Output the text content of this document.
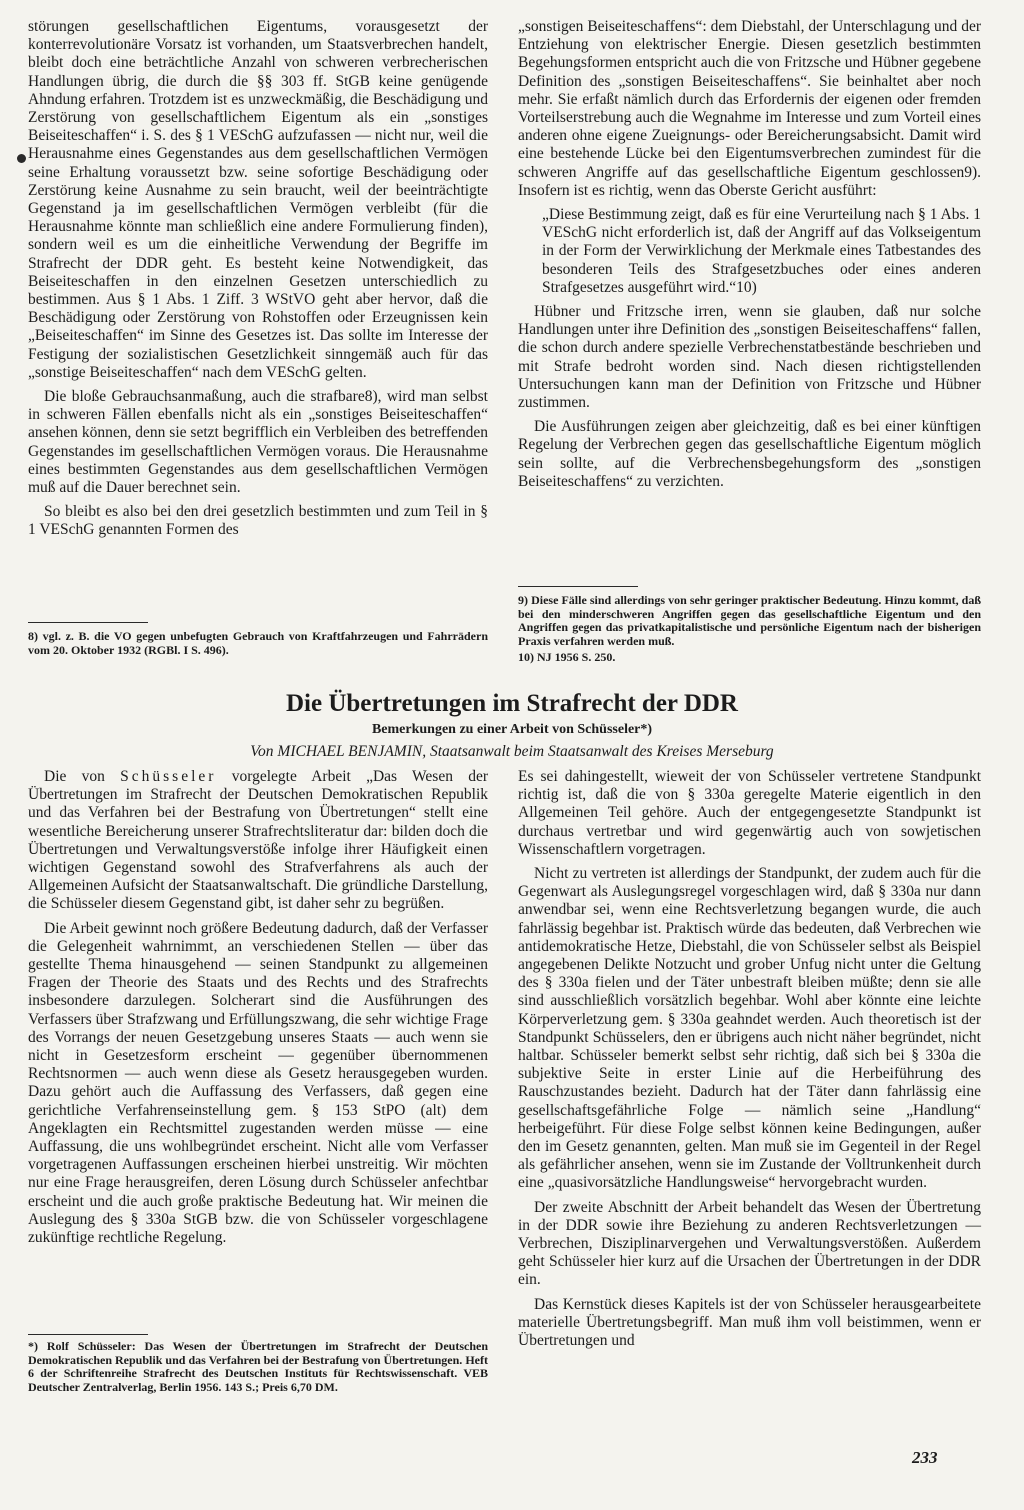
störungen gesellschaftlichen Eigentums, vorausgesetzt der konterrevolutionäre Vorsatz ist vorhanden, um Staatsverbrechen handelt, bleibt doch eine beträchtliche Anzahl von schweren verbrecherischen Handlungen übrig, die durch die §§ 303 ff. StGB keine genügende Ahndung erfahren. Trotzdem ist es unzweckmäßig, die Beschädigung und Zerstörung von gesellschaftlichem Eigentum als ein „sonstiges Beiseiteschaffen“ i. S. des § 1 VESchG aufzufassen — nicht nur, weil die Herausnahme eines Gegenstandes aus dem gesellschaftlichen Vermögen seine Erhaltung voraussetzt bzw. seine sofortige Beschädigung oder Zerstörung keine Ausnahme zu sein braucht, weil der beeinträchtigte Gegenstand ja im gesellschaftlichen Vermögen verbleibt (für die Herausnahme könnte man schließlich eine andere Formulierung finden), sondern weil es um die einheitliche Verwendung der Begriffe im Strafrecht der DDR geht. Es besteht keine Notwendigkeit, das Beiseiteschaffen in den einzelnen Gesetzen unterschiedlich zu bestimmen. Aus § 1 Abs. 1 Ziff. 3 WStVO geht aber hervor, daß die Beschädigung oder Zerstörung von Rohstoffen oder Erzeugnissen kein „Beiseiteschaffen“ im Sinne des Gesetzes ist. Das sollte im Interesse der Festigung der sozialistischen Gesetzlichkeit sinngemäß auch für das „sonstige Beiseiteschaffen“ nach dem VESchG gelten.

Die bloße Gebrauchsanmaßung, auch die strafbare8), wird man selbst in schweren Fällen ebenfalls nicht als ein „sonstiges Beiseiteschaffen“ ansehen können, denn sie setzt begrifflich ein Verbleiben des betreffenden Gegenstandes im gesellschaftlichen Vermögen voraus. Die Herausnahme eines bestimmten Gegenstandes aus dem gesellschaftlichen Vermögen muß auf die Dauer berechnet sein.

So bleibt es also bei den drei gesetzlich bestimmten und zum Teil in § 1 VESchG genannten Formen des

8) vgl. z. B. die VO gegen unbefugten Gebrauch von Kraftfahrzeugen und Fahrrädern vom 20. Oktober 1932 (RGBl. I S. 496).

„sonstigen Beiseiteschaffens“: dem Diebstahl, der Unterschlagung und der Entziehung von elektrischer Energie. Diesen gesetzlich bestimmten Begehungsformen entspricht auch die von Fritzsche und Hübner gegebene Definition des „sonstigen Beiseiteschaffens“. Sie beinhaltet aber noch mehr. Sie erfaßt nämlich durch das Erfordernis der eigenen oder fremden Vorteilserstrebung auch die Wegnahme im Interesse und zum Vorteil eines anderen ohne eigene Zueignungs- oder Bereicherungsabsicht. Damit wird eine bestehende Lücke bei den Eigentumsverbrechen zumindest für die schweren Angriffe auf das gesellschaftliche Eigentum geschlossen9). Insofern ist es richtig, wenn das Oberste Gericht ausführt:

„Diese Bestimmung zeigt, daß es für eine Verurteilung nach § 1 Abs. 1 VESchG nicht erforderlich ist, daß der Angriff auf das Volkseigentum in der Form der Verwirklichung der Merkmale eines Tatbestandes des besonderen Teils des Strafgesetzbuches oder eines anderen Strafgesetzes ausgeführt wird.“10)

Hübner und Fritzsche irren, wenn sie glauben, daß nur solche Handlungen unter ihre Definition des „sonstigen Beiseiteschaffens“ fallen, die schon durch andere spezielle Verbrechenstatbestände beschrieben und mit Strafe bedroht worden sind. Nach diesen richtigstellenden Untersuchungen kann man der Definition von Fritzsche und Hübner zustimmen.

Die Ausführungen zeigen aber gleichzeitig, daß es bei einer künftigen Regelung der Verbrechen gegen das gesellschaftliche Eigentum möglich sein sollte, auf die Verbrechensbegehungsform des „sonstigen Beiseiteschaffens“ zu verzichten.

9) Diese Fälle sind allerdings von sehr geringer praktischer Bedeutung. Hinzu kommt, daß bei den minderschweren Angriffen gegen das gesellschaftliche Eigentum und den Angriffen gegen das privatkapitalistische und persönliche Eigentum nach der bisherigen Praxis verfahren werden muß.

10) NJ 1956 S. 250.

Die Übertretungen im Strafrecht der DDR
Bemerkungen zu einer Arbeit von Schüsseler*)
Von MICHAEL BENJAMIN, Staatsanwalt beim Staatsanwalt des Kreises Merseburg

Die von Schüsseler vorgelegte Arbeit „Das Wesen der Übertretungen im Strafrecht der Deutschen Demokratischen Republik und das Verfahren bei der Bestrafung von Übertretungen“ stellt eine wesentliche Bereicherung unserer Strafrechtsliteratur dar: bilden doch die Übertretungen und Verwaltungsverstöße infolge ihrer Häufigkeit einen wichtigen Gegenstand sowohl des Strafverfahrens als auch der Allgemeinen Aufsicht der Staatsanwaltschaft. Die gründliche Darstellung, die Schüsseler diesem Gegenstand gibt, ist daher sehr zu begrüßen.

Die Arbeit gewinnt noch größere Bedeutung dadurch, daß der Verfasser die Gelegenheit wahrnimmt, an verschiedenen Stellen — über das gestellte Thema hinausgehend — seinen Standpunkt zu allgemeinen Fragen der Theorie des Staats und des Rechts und des Strafrechts insbesondere darzulegen. Solcherart sind die Ausführungen des Verfassers über Strafzwang und Erfüllungszwang, die sehr wichtige Frage des Vorrangs der neuen Gesetzgebung unseres Staats — auch wenn sie nicht in Gesetzesform erscheint — gegenüber übernommenen Rechtsnormen — auch wenn diese als Gesetz herausgegeben wurden. Dazu gehört auch die Auffassung des Verfassers, daß gegen eine gerichtliche Verfahrenseinstellung gem. § 153 StPO (alt) dem Angeklagten ein Rechtsmittel zugestanden werden müsse — eine Auffassung, die uns wohlbegründet erscheint. Nicht alle vom Verfasser vorgetragenen Auffassungen erscheinen hierbei unstreitig. Wir möchten nur eine Frage herausgreifen, deren Lösung durch Schüsseler anfechtbar erscheint und die auch große praktische Bedeutung hat. Wir meinen die Auslegung des § 330a StGB bzw. die von Schüsseler vorgeschlagene zukünftige rechtliche Regelung.

*) Rolf Schüsseler: Das Wesen der Übertretungen im Strafrecht der Deutschen Demokratischen Republik und das Verfahren bei der Bestrafung von Übertretungen. Heft 6 der Schriftenreihe Strafrecht des Deutschen Instituts für Rechtswissenschaft. VEB Deutscher Zentralverlag, Berlin 1956. 143 S.; Preis 6,70 DM.

Es sei dahingestellt, wieweit der von Schüsseler vertretene Standpunkt richtig ist, daß die von § 330a geregelte Materie eigentlich in den Allgemeinen Teil gehöre. Auch der entgegengesetzte Standpunkt ist durchaus vertretbar und wird gegenwärtig auch von sowjetischen Wissenschaftlern vorgetragen.

Nicht zu vertreten ist allerdings der Standpunkt, der zudem auch für die Gegenwart als Auslegungsregel vorgeschlagen wird, daß § 330a nur dann anwendbar sei, wenn eine Rechtsverletzung begangen wurde, die auch fahrlässig begehbar ist. Praktisch würde das bedeuten, daß Verbrechen wie antidemokratische Hetze, Diebstahl, die von Schüsseler selbst als Beispiel angegebenen Delikte Notzucht und grober Unfug nicht unter die Geltung des § 330a fielen und der Täter unbestraft bleiben müßte; denn sie alle sind ausschließlich vorsätzlich begehbar. Wohl aber könnte eine leichte Körperverletzung gem. § 330a geahndet werden. Auch theoretisch ist der Standpunkt Schüsselers, den er übrigens auch nicht näher begründet, nicht haltbar. Schüsseler bemerkt selbst sehr richtig, daß sich bei § 330a die subjektive Seite in erster Linie auf die Herbeiführung des Rauschzustandes bezieht. Dadurch hat der Täter dann fahrlässig eine gesellschaftsgefährliche Folge — nämlich seine „Handlung“ herbeigeführt. Für diese Folge selbst können keine Bedingungen, außer den im Gesetz genannten, gelten. Man muß sie im Gegenteil in der Regel als gefährlicher ansehen, wenn sie im Zustande der Volltrunkenheit durch eine „quasivorsätzliche Handlungsweise“ hervorgebracht wurden.

Der zweite Abschnitt der Arbeit behandelt das Wesen der Übertretung in der DDR sowie ihre Beziehung zu anderen Rechtsverletzungen — Verbrechen, Disziplinarvergehen und Verwaltungsverstößen. Außerdem geht Schüsseler hier kurz auf die Ursachen der Übertretungen in der DDR ein.

Das Kernstück dieses Kapitels ist der von Schüsseler herausgearbeitete materielle Übertretungsbegriff. Man muß ihm voll beistimmen, wenn er Übertretungen und

233
